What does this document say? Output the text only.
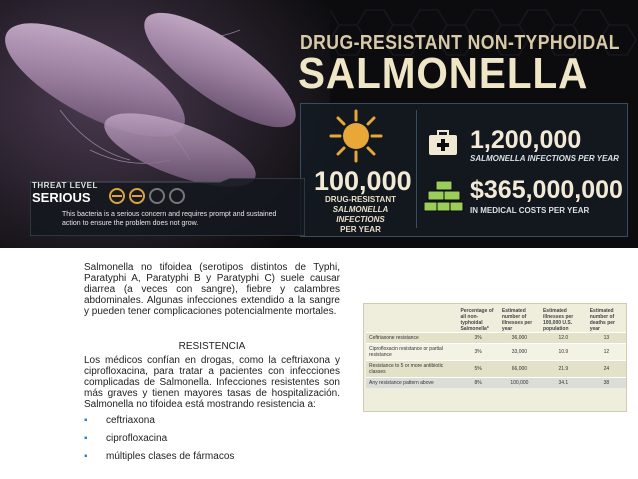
DRUG-RESISTANT NON-TYPHOIDAL
SALMONELLA
100,000
DRUG-RESISTANT
SALMONELLA INFECTIONS
PER YEAR
1,200,000
SALMONELLA INFECTIONS PER YEAR
$365,000,000
IN MEDICAL COSTS PER YEAR
THREAT LEVEL
SERIOUS
This bacteria is a serious concern and requires prompt and sustained action to ensure the problem does not grow.

Salmonella no tifoidea (serotipos distintos de Typhi, Paratyphi A, Paratyphi B y Paratyphi C) suele causar diarrea (a veces con sangre), fiebre y calambres abdominales. Algunas infecciones extendido a la sangre y pueden tener complicaciones potencialmente mortales.

RESISTENCIA

Los médicos confían en drogas, como la ceftriaxona y ciprofloxacina, para tratar a pacientes con infecciones complicadas de Salmonella. Infecciones resistentes son más graves y tienen mayores tasas de hospitalización. Salmonella no tifoidea está mostrando resistencia a:

▪ ceftriaxona
▪ ciprofloxacina
▪ múltiples clases de fármacos
	Percentage of all non-typhoidal Salmonella*	Estimated number of illnesses per year	Estimated illnesses per 100,000 U.S. population	Estimated number of deaths per year
Ceftriaxone resistance	3%	36,000	12.0	13
Ciprofloxacin resistance or partial resistance	3%	33,000	10.9	12
Resistance to 5 or more antibiotic classes	5%	66,000	21.9	24
Any resistance pattern above	8%	100,000	34.1	38
